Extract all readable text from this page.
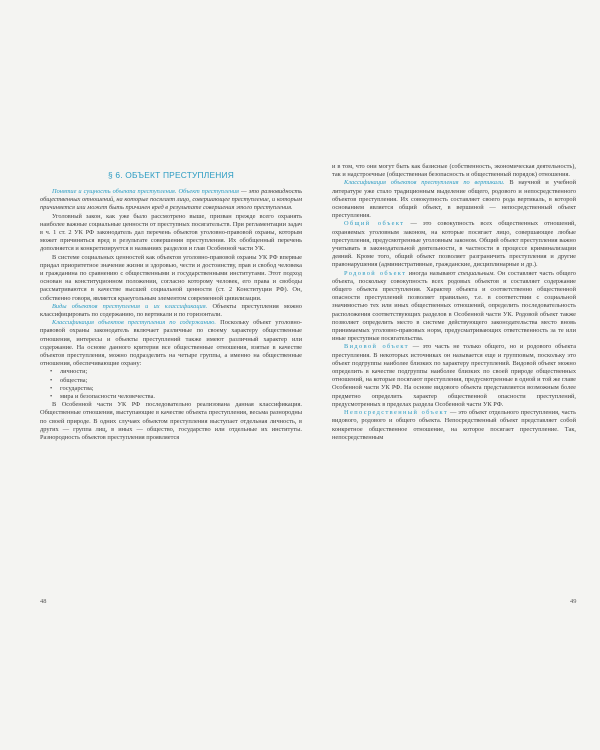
§ 6. ОБЪЕКТ ПРЕСТУПЛЕНИЯ

Понятие и сущность объекта преступления. Объект преступления — это разновидность общественных отношений, на которые посягает лицо, совершающее преступление, и которым причиняется или может быть причинен вред в результате совершения этого преступления.

Уголовный закон, как уже было рассмотрено выше, призван прежде всего охранять наиболее важные социальные ценности от преступных посягательств. При регламентации задач в ч. 1 ст. 2 УК РФ законодатель дал перечень объектов уголовно-правовой охраны, которым может причиняться вред в результате совершения преступления. Их обобщенный перечень дополняется и конкретизируется в названиях разделов и глав Особенной части УК.

В системе социальных ценностей как объектов уголовно-правовой охраны УК РФ впервые придал приоритетное значение жизни и здоровью, чести и достоинству, прав и свобод человека и гражданина по сравнению с общественными и государственными институтами. Этот подход основан на конституционном положении, согласно которому человек, его права и свободы рассматриваются в качестве высшей социальной ценности (ст. 2 Конституции РФ). Он, собственно говоря, является краеугольным элементом современной цивилизации.

Виды объектов преступления и их классификация. Объекты преступления можно классифицировать по содержанию, по вертикали и по горизонтали.

Классификация объектов преступления по содержанию. Поскольку объект уголовно-правовой охраны законодатель включает различные по своему характеру общественные отношения, интересы и объекты преступлений также имеют различный характер или содержание. На основе данного критерия все общественные отношения, взятые в качестве объектов преступления, можно подразделить на четыре группы, а именно на общественные отношения, обеспечивающие охрану:

• личности;
• общества;
• государства;
• мира и безопасности человечества.

В Особенной части УК РФ последовательно реализована данная классификация. Общественные отношения, выступающие в качестве объекта преступления, весьма разнородны по своей природе. В одних случаях объектом преступления выступает отдельная личность, в других — группа лиц, в иных — общество, государство или отдельные их институты. Разнородность объектов преступления проявляется

и в том, что они могут быть как базисные (собственность, экономическая деятельность), так и надстроечные (общественная безопасность и общественный порядок) отношения.

Классификация объектов преступления по вертикали. В научной и учебной литературе уже стало традиционным выделение общего, родового и непосредственного объектов преступления. Их совокупность составляет своего рода вертикаль, в которой основанием является общий объект, в вершиной — непосредственный объект преступления.

Общий объект — это совокупность всех общественных отношений, охраняемых уголовным законом, на которые посягает лицо, совершающее любые преступления, предусмотренные уголовным законом. Общий объект преступления важно учитывать в законодательной деятельности, в частности в процессе криминализации деяний. Кроме того, общий объект позволяет разграничить преступления и другие правонарушения (административные, гражданские, дисциплинарные и др.).

Родовой объект иногда называют специальным. Он составляет часть общего объекта, поскольку совокупность всех родовых объектов и составляет содержание общего объекта преступления. Характер объекта и соответственно общественной опасности преступлений позволяет правильно, т.е. в соответствии с социальной значимостью тех или иных общественных отношений, определить последовательность расположения соответствующих разделов в Особенной части УК. Родовой объект также позволяет определить место в системе действующего законодательства место вновь принимаемых уголовно-правовых норм, предусматривающих ответственность за те или иные преступные посягательства.

Видовой объект — это часть не только общего, но и родового объекта преступления. В некоторых источниках он называется еще и групповым, поскольку это объект подгруппы наиболее близких по характеру преступлений. Видовой объект можно определить в качестве подгруппы наиболее близких по своей природе общественных отношений, на которые посягают преступления, предусмотренные в одной и той же главе Особенной части УК РФ. На основе видового объекта представляется возможным более предметно определить характер общественной опасности преступлений, предусмотренных в пределах раздела Особенной части УК РФ.

Непосредственный объект — это объект отдельного преступления, часть видового, родового и общего объекта. Непосредственный объект представляет собой конкретное общественное отношение, на которое посягает преступление. Так, непосредственным

48	49
